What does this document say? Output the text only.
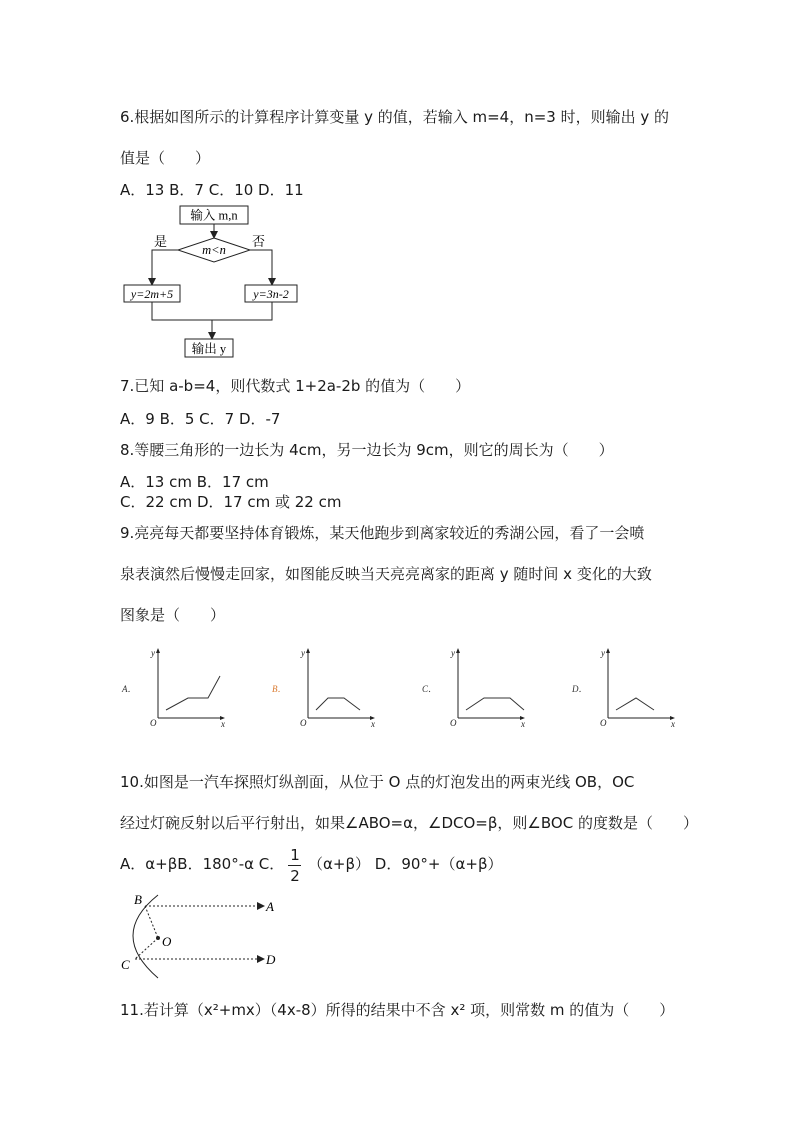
6.根据如图所示的计算程序计算变量 y 的值，若输入 m=4，n=3 时，则输出 y 的
值是（　　）
A．13 B．7 C．10 D．11
输入 m,n
m<n
是	否
y=2m+5	y=3n-2
输出 y
7.已知 a-b=4，则代数式 1+2a-2b 的值为（　　）
A．9 B．5 C．7 D．-7
8.等腰三角形的一边长为 4cm，另一边长为 9cm，则它的周长为（　　）
A．13 cm B．17 cm
C．22 cm D．17 cm 或 22 cm
9.亮亮每天都要坚持体育锻炼，某天他跑步到离家较近的秀湖公园，看了一会喷
泉表演然后慢慢走回家，如图能反映当天亮亮离家的距离 y 随时间 x 变化的大致
图象是（　　）
A．
y
x
O
B．
y
x
O
C．
y
x
O
D．
y
x
O
10.如图是一汽车探照灯纵剖面，从位于 O 点的灯泡发出的两束光线 OB，OC
经过灯碗反射以后平行射出，如果∠ABO=α，∠DCO=β，则∠BOC 的度数是（　　）
A．α+βB．180°-α C． 1
2
（α+β） D．90°+（α+β）
B	A
O
C	D
11.若计算（x²+mx）（4x-8）所得的结果中不含 x² 项，则常数 m 的值为（　　）
